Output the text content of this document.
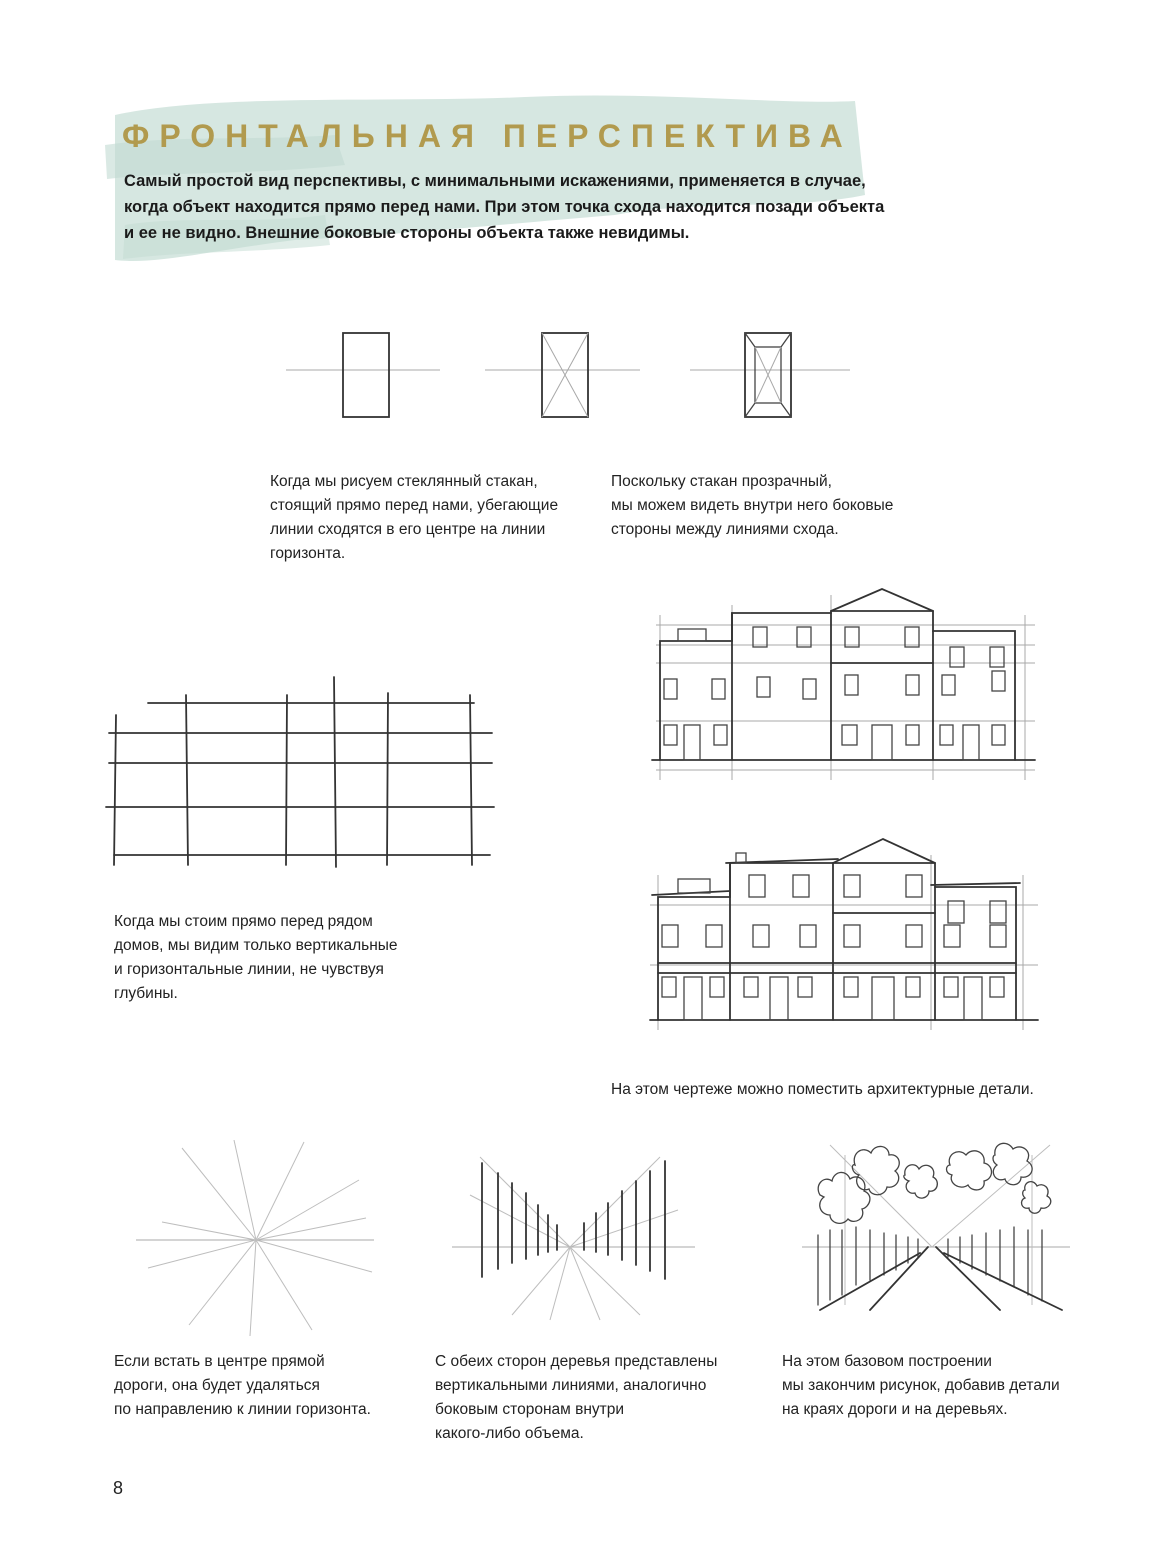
ФРОНТАЛЬНАЯ ПЕРСПЕКТИВА
Самый простой вид перспективы, с минимальными искажениями, применяется в случае,
когда объект находится прямо перед нами. При этом точка схода находится позади объекта
и ее не видно. Внешние боковые стороны объекта также невидимы.
Когда мы рисуем стеклянный стакан,
стоящий прямо перед нами, убегающие
линии сходятся в его центре на линии
горизонта.
Поскольку стакан прозрачный,
мы можем видеть внутри него боковые
стороны между линиями схода.
Когда мы стоим прямо перед рядом
домов, мы видим только вертикальные
и горизонтальные линии, не чувствуя
глубины.
На этом чертеже можно поместить архитектурные детали.
Если встать в центре прямой
дороги, она будет удаляться
по направлению к линии горизонта.
С обеих сторон деревья представлены
вертикальными линиями, аналогично
боковым сторонам внутри
какого-либо объема.
На этом базовом построении
мы закончим рисунок, добавив детали
на краях дороги и на деревьях.
8
